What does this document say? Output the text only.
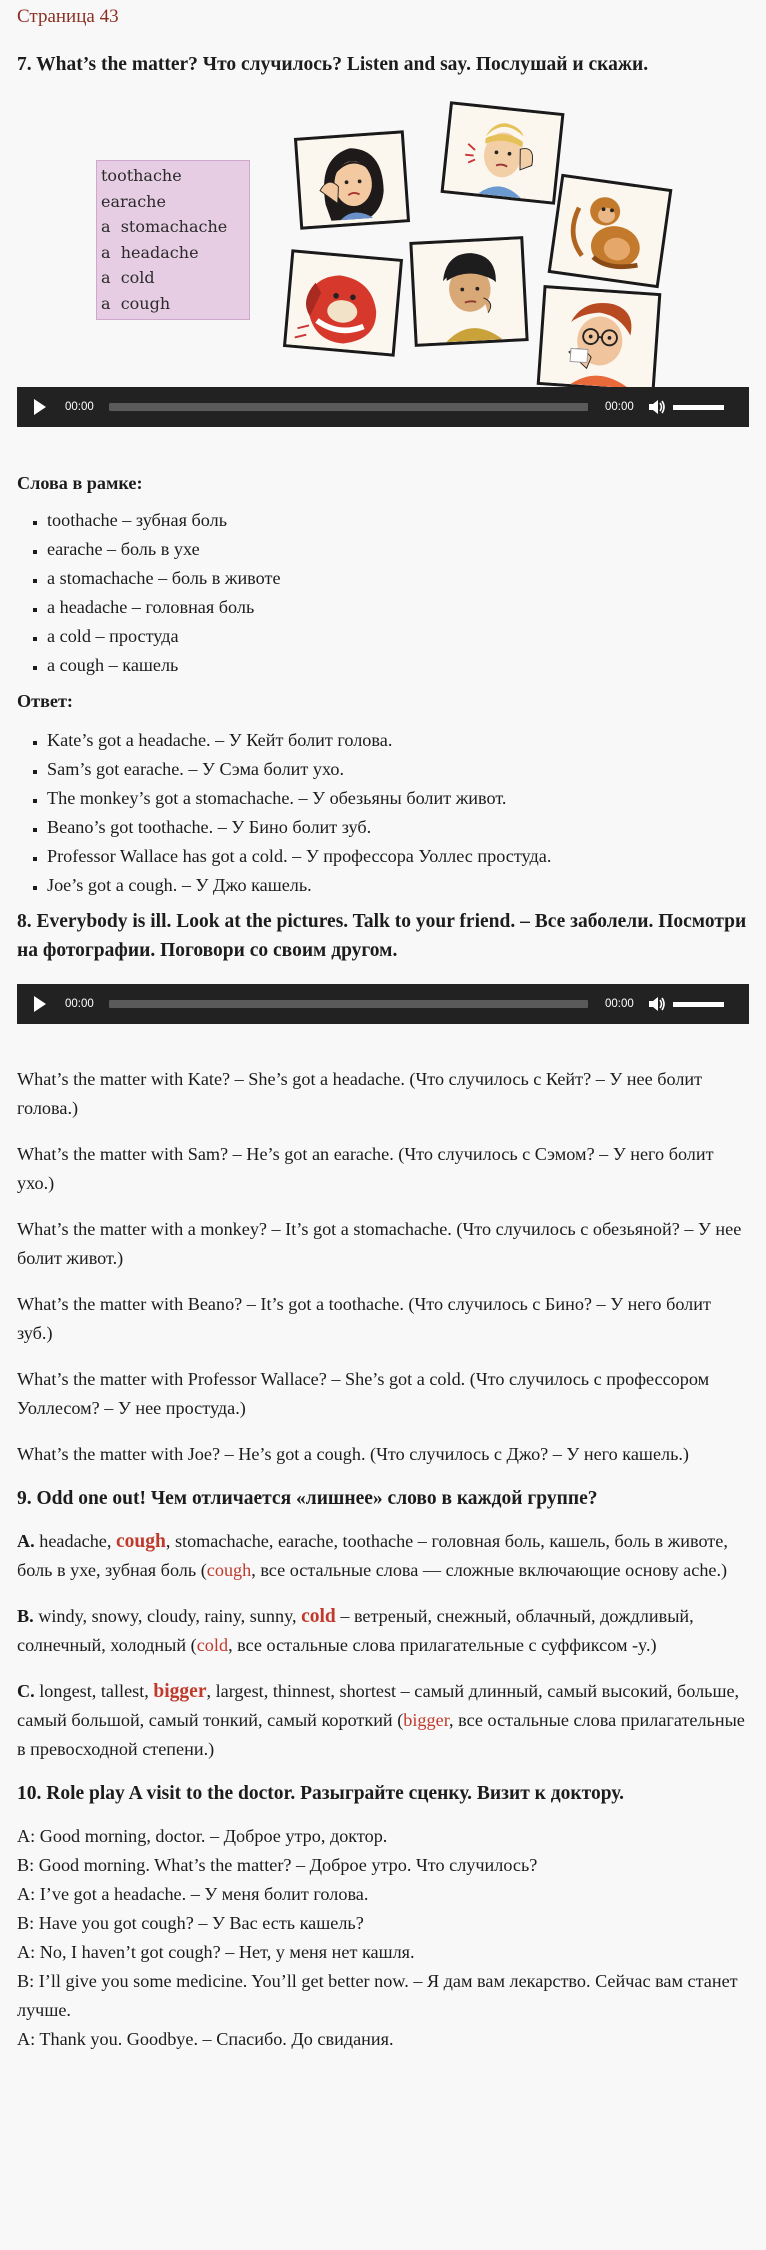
Страница 43
7. What’s the matter? Что случилось? Listen and say. Послушай и скажи.
toothache
earache
a  stomachache
a  headache
a  cold
a  cough
00:00	00:00
Слова в рамке:
▪ toothache – зубная боль
▪ earache – боль в ухе
▪ a stomachache – боль в животе
▪ a headache – головная боль
▪ a cold – простуда
▪ a cough – кашель
Ответ:
▪ Kate’s got a headache. – У Кейт болит голова.
▪ Sam’s got earache. – У Сэма болит ухо.
▪ The monkey’s got a stomachache. – У обезьяны болит живот.
▪ Beano’s got toothache. – У Бино болит зуб.
▪ Professor Wallace has got a cold. – У профессора Уоллес простуда.
▪ Joe’s got a cough. – У Джо кашель.
8. Everybody is ill. Look at the pictures. Talk to your friend. – Все заболели. Посмотри на фотографии. Поговори со своим другом.
00:00	00:00

What’s the matter with Kate? – She’s got a headache. (Что случилось с Кейт? – У нее болит голова.)

What’s the matter with Sam? – He’s got an earache. (Что случилось с Сэмом? – У него болит ухо.)

What’s the matter with a monkey? – It’s got a stomachache. (Что случилось с обезьяной? – У нее болит живот.)

What’s the matter with Beano? – It’s got a toothache. (Что случилось с Бино? – У него болит зуб.)

What’s the matter with Professor Wallace? – She’s got a cold. (Что случилось с профессором Уоллесом? – У нее простуда.)

What’s the matter with Joe? – He’s got a cough. (Что случилось с Джо? – У него кашель.)

9. Odd one out! Чем отличается «лишнее» слово в каждой группе?

A. headache, cough, stomachache, earache, toothache – головная боль, кашель, боль в животе, боль в ухе, зубная боль (cough, все остальные слова — сложные включающие основу ache.)

B. windy, snowy, cloudy, rainy, sunny, cold – ветреный, снежный, облачный, дождливый, солнечный, холодный (cold, все остальные слова прилагательные с суффиксом -y.)

C. longest, tallest, bigger, largest, thinnest, shortest – самый длинный, самый высокий, больше, самый большой, самый тонкий, самый короткий (bigger, все остальные слова прилагательные в превосходной степени.)

10. Role play A visit to the doctor. Разыграйте сценку. Визит к доктору.

A: Good morning, doctor. – Доброе утро, доктор.

B: Good morning. What’s the matter? – Доброе утро. Что случилось?

A: I’ve got a headache. – У меня болит голова.

B: Have you got cough? – У Вас есть кашель?

A: No, I haven’t got cough? – Нет, у меня нет кашля.

B: I’ll give you some medicine. You’ll get better now. – Я дам вам лекарство. Сейчас вам станет лучше.

A: Thank you. Goodbye. – Спасибо. До свидания.
